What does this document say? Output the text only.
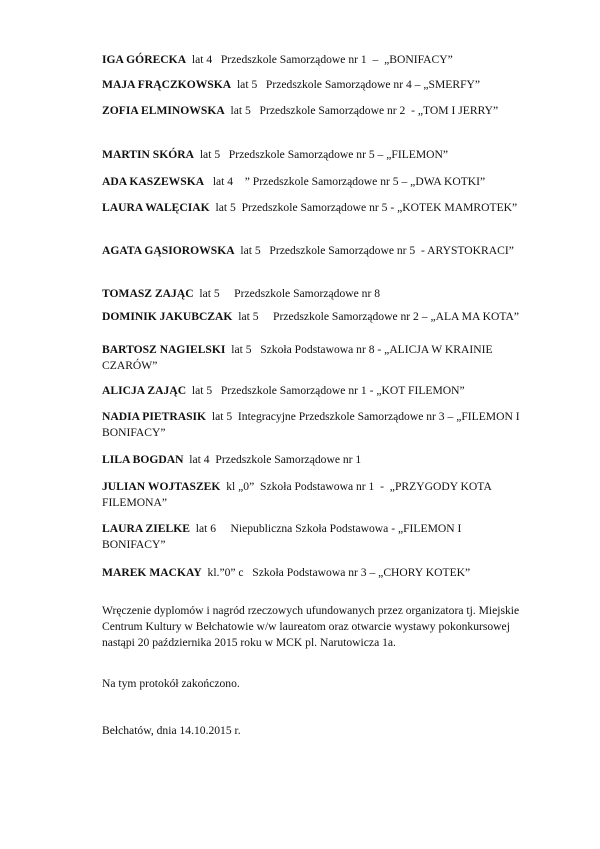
IGA GÓRECKA  lat 4   Przedszkole Samorządowe nr 1  –  „BONIFACY”
MAJA FRĄCZKOWSKA  lat 5   Przedszkole Samorządowe nr 4 – „SMERFY”
ZOFIA ELMINOWSKA  lat 5   Przedszkole Samorządowe nr 2  - „TOM I JERRY”
MARTIN SKÓRA  lat 5   Przedszkole Samorządowe nr 5 – „FILEMON”
ADA KASZEWSKA   lat 4    ” Przedszkole Samorządowe nr 5 – „DWA KOTKI”
LAURA WALĘCIAK  lat 5  Przedszkole Samorządowe nr 5 - „KOTEK MAMROTEK”
AGATA GĄSIOROWSKA  lat 5   Przedszkole Samorządowe nr 5  - ARYSTOKRACI”
TOMASZ ZAJĄC  lat 5     Przedszkole Samorządowe nr 8
DOMINIK JAKUBCZAK  lat 5     Przedszkole Samorządowe nr 2 – „ALA MA KOTA”
BARTOSZ NAGIELSKI  lat 5   Szkoła Podstawowa nr 8 - „ALICJA W KRAINIE CZARÓW”
ALICJA ZAJĄC  lat 5   Przedszkole Samorządowe nr 1 - „KOT FILEMON”
NADIA PIETRASIK  lat 5  Integracyjne Przedszkole Samorządowe nr 3 – „FILEMON I BONIFACY”
LILA BOGDAN  lat 4  Przedszkole Samorządowe nr 1
JULIAN WOJTASZEK  kl „0”  Szkoła Podstawowa nr 1  -  „PRZYGODY KOTA FILEMONA”
LAURA ZIELKE  lat 6     Niepubliczna Szkoła Podstawowa - „FILEMON I BONIFACY”
MAREK MACKAY  kl.”0” c   Szkoła Podstawowa nr 3 – „CHORY KOTEK”
Wręczenie dyplomów i nagród rzeczowych ufundowanych przez organizatora tj. Miejskie Centrum Kultury w Bełchatowie w/w laureatom oraz otwarcie wystawy pokonkursowej nastąpi 20 października 2015 roku w MCK pl. Narutowicza 1a.
Na tym protokół zakończono.
Bełchatów, dnia 14.10.2015 r.
